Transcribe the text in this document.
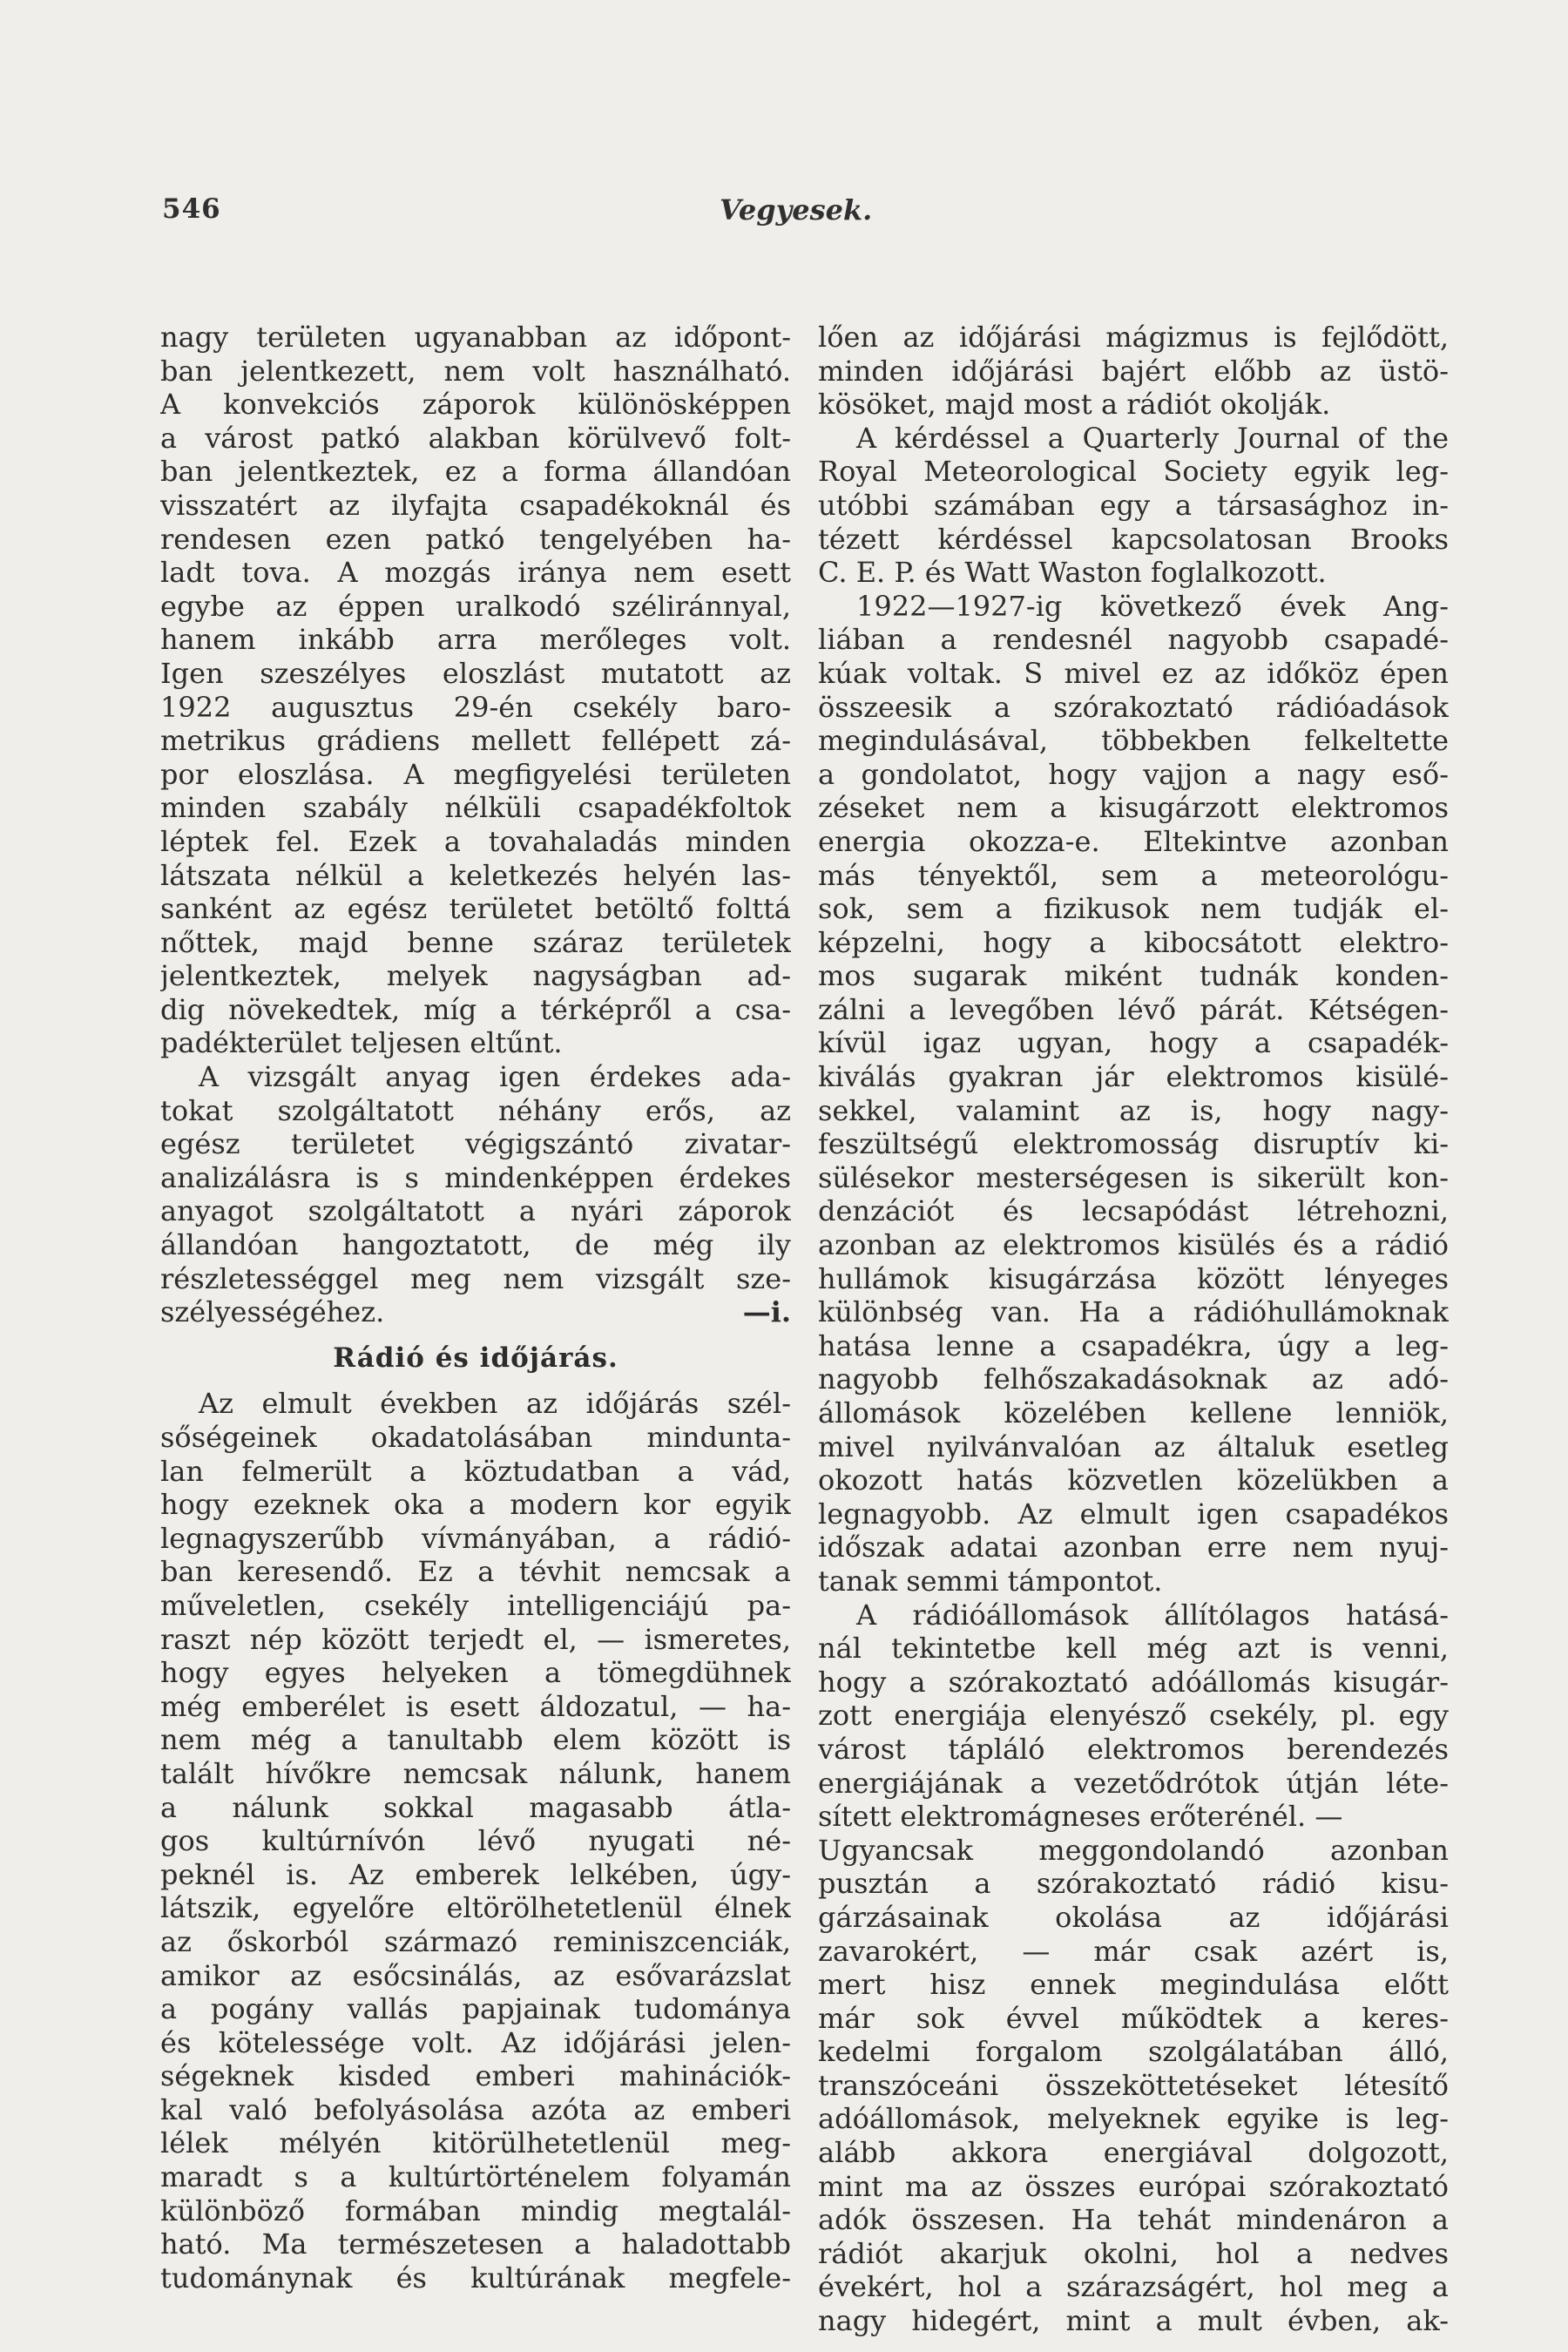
546	Vegyesek.
nagy területen ugyanabban az időpont-
ban jelentkezett, nem volt használható.
A konvekciós záporok különösképpen
a várost patkó alakban körülvevő folt-
ban jelentkeztek, ez a forma állandóan
visszatért az ilyfajta csapadékoknál és
rendesen ezen patkó tengelyében ha-
ladt tova. A mozgás iránya nem esett
egybe az éppen uralkodó széliránnyal,
hanem inkább arra merőleges volt.
Igen szeszélyes eloszlást mutatott az
1922 augusztus 29-én csekély baro-
metrikus grádiens mellett fellépett zá-
por eloszlása. A megfigyelési területen
minden szabály nélküli csapadékfoltok
léptek fel. Ezek a tovahaladás minden
látszata nélkül a keletkezés helyén las-
sanként az egész területet betöltő folttá
nőttek, majd benne száraz területek
jelentkeztek, melyek nagyságban ad-
dig növekedtek, míg a térképről a csa-
padékterület teljesen eltűnt.
A vizsgált anyag igen érdekes ada-
tokat szolgáltatott néhány erős, az
egész területet végigszántó zivatar-
analizálásra is s mindenképpen érdekes
anyagot szolgáltatott a nyári záporok
állandóan hangoztatott, de még ily
részletességgel meg nem vizsgált sze-
szélyességéhez.	—i.
Rádió és időjárás.
Az elmult években az időjárás szél-
sőségeinek okadatolásában minduntа-
lan felmerült a köztudatban a vád,
hogy ezeknek oka a modern kor egyik
legnagyszerűbb vívmányában, a rádió-
ban keresendő. Ez a tévhit nemcsak a
műveletlen, csekély intelligenciájú pa-
raszt nép között terjedt el, — ismeretes,
hogy egyes helyeken a tömegdühnek
még emberélet is esett áldozatul, — ha-
nem még a tanultabb elem között is
talált hívőkre nemcsak nálunk, hanem
a nálunk sokkal magasabb átla-
gos kultúrnívón lévő nyugati né-
peknél is. Az emberek lelkében, úgy-
látszik, egyelőre eltörölhetetlenül élnek
az őskorból származó reminiszcenciák,
amikor az esőcsinálás, az esővarázslat
a pogány vallás papjainak tudománya
és kötelessége volt. Az időjárási jelen-
ségeknek kisded emberi mahinációk-
kal való befolyásolása azóta az emberi
lélek mélyén kitörülhetetlenül meg-
maradt s a kultúrtörténelem folyamán
különböző formában mindig megtalál-
ható. Ma természetesen a haladottabb
tudománynak és kultúrának megfele-
lően az időjárási mágizmus is fejlődött,
minden időjárási bajért előbb az üstö-
kösöket, majd most a rádiót okolják.
A kérdéssel a Quarterly Journal of the
Royal Meteorological Society egyik leg-
utóbbi számában egy a társasághoz in-
tézett kérdéssel kapcsolatosan Brooks
C. E. P. és Watt Waston foglalkozott.
1922—1927-ig következő évek Ang-
liában a rendesnél nagyobb csapadé-
kúak voltak. S mivel ez az időköz épen
összeesik a szórakoztató rádióadások
megindulásával, többekben felkeltette
a gondolatot, hogy vajjon a nagy eső-
zéseket nem a kisugárzott elektromos
energia okozza-e. Eltekintve azonban
más tényektől, sem a meteorológu-
sok, sem a fizikusok nem tudják el-
képzelni, hogy a kibocsátott elektro-
mos sugarak miként tudnák konden-
zálni a levegőben lévő párát. Kétségen-
kívül igaz ugyan, hogy a csapadék-
kiválás gyakran jár elektromos kisülé-
sekkel, valamint az is, hogy nagy-
feszültségű elektromosság disruptív ki-
sülésekor mesterségesen is sikerült kon-
denzációt és lecsapódást létrehozni,
azonban az elektromos kisülés és a rádió
hullámok kisugárzása között lényeges
különbség van. Ha a rádióhullámoknak
hatása lenne a csapadékra, úgy a leg-
nagyobb felhőszakadásoknak az adó-
állomások közelében kellene lenniök,
mivel nyilvánvalóan az általuk esetleg
okozott hatás közvetlen közelükben a
legnagyobb. Az elmult igen csapadékos
időszak adatai azonban erre nem nyuj-
tanak semmi támpontot.
A rádióállomások állítólagos hatásá-
nál tekintetbe kell még azt is venni,
hogy a szórakoztató adóállomás kisugár-
zott energiája elenyésző csekély, pl. egy
várost tápláló elektromos berendezés
energiájának a vezetődrótok útján léte-
sített elektromágneses erőterénél. —
Ugyancsak meggondolandó azonban
pusztán a szórakoztató rádió kisu-
gárzásainak okolása az időjárási
zavarokért, — már csak azért is,
mert hisz ennek megindulása előtt
már sok évvel működtek a keres-
kedelmi forgalom szolgálatában álló,
transzóceáni összeköttetéseket létesítő
adóállomások, melyeknek egyike is leg-
alább akkora energiával dolgozott,
mint ma az összes európai szórakoztató
adók összesen. Ha tehát mindenáron a
rádiót akarjuk okolni, hol a nedves
évekért, hol a szárazságért, hol meg a
nagy hidegért, mint a mult évben, ak-
